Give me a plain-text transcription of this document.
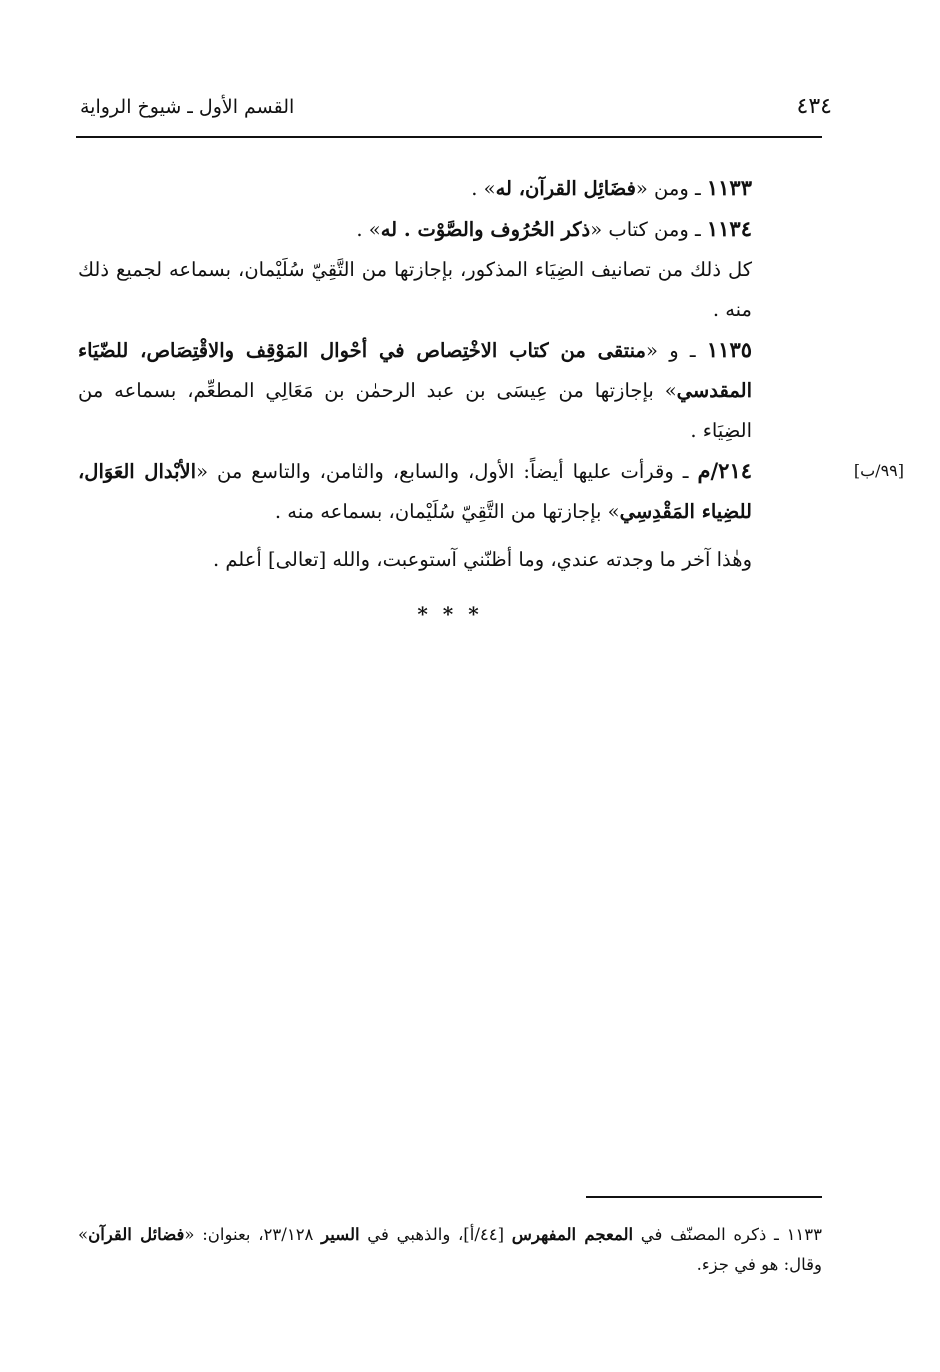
٤٣٤
القسم الأول ـ شيوخ الرواية

١١٣٣ ـ ومن «فضَائِل القرآن، له» .

١١٣٤ ـ ومن كتاب «ذكر الحُرُوف والصَّوْت . له» .

كل ذلك من تصانيف الضِيَاء المذكور، بإجازتها من التَّقِيّ سُلَيْمان، بسماعه لجميع ذلك منه .

١١٣٥ ـ و «منتقى من كتاب الاخْتِصاص في أحْوال المَوْقِف والاقْتِصَاص، للضّيَاء المقدسي» بإجازتها من عِيسَى بن عبد الرحمٰن بن مَعَالِي المطعِّم، بسماعه من الضِيَاء .

[٩٩/ب]
٢١٤/م ـ وقرأت عليها أيضاً: الأول، والسابع، والثامن، والتاسع من «الأبْدال العَوَال، للضِياء المَقْدِسِي» بإجازتها من التَّقِيّ سُلَيْمان، بسماعه منه .

وهٰذا آخر ما وجدته عندي، وما أظنّني آستوعبت، والله [تعالى] أعلم .

* * *
١١٣٣ ـ ذكره المصنّف في المعجم المفهرس [٤٤/أ]، والذهبي في السير ٢٣/١٢٨، بعنوان: «فضائل القرآن» وقال: هو في جزء.
